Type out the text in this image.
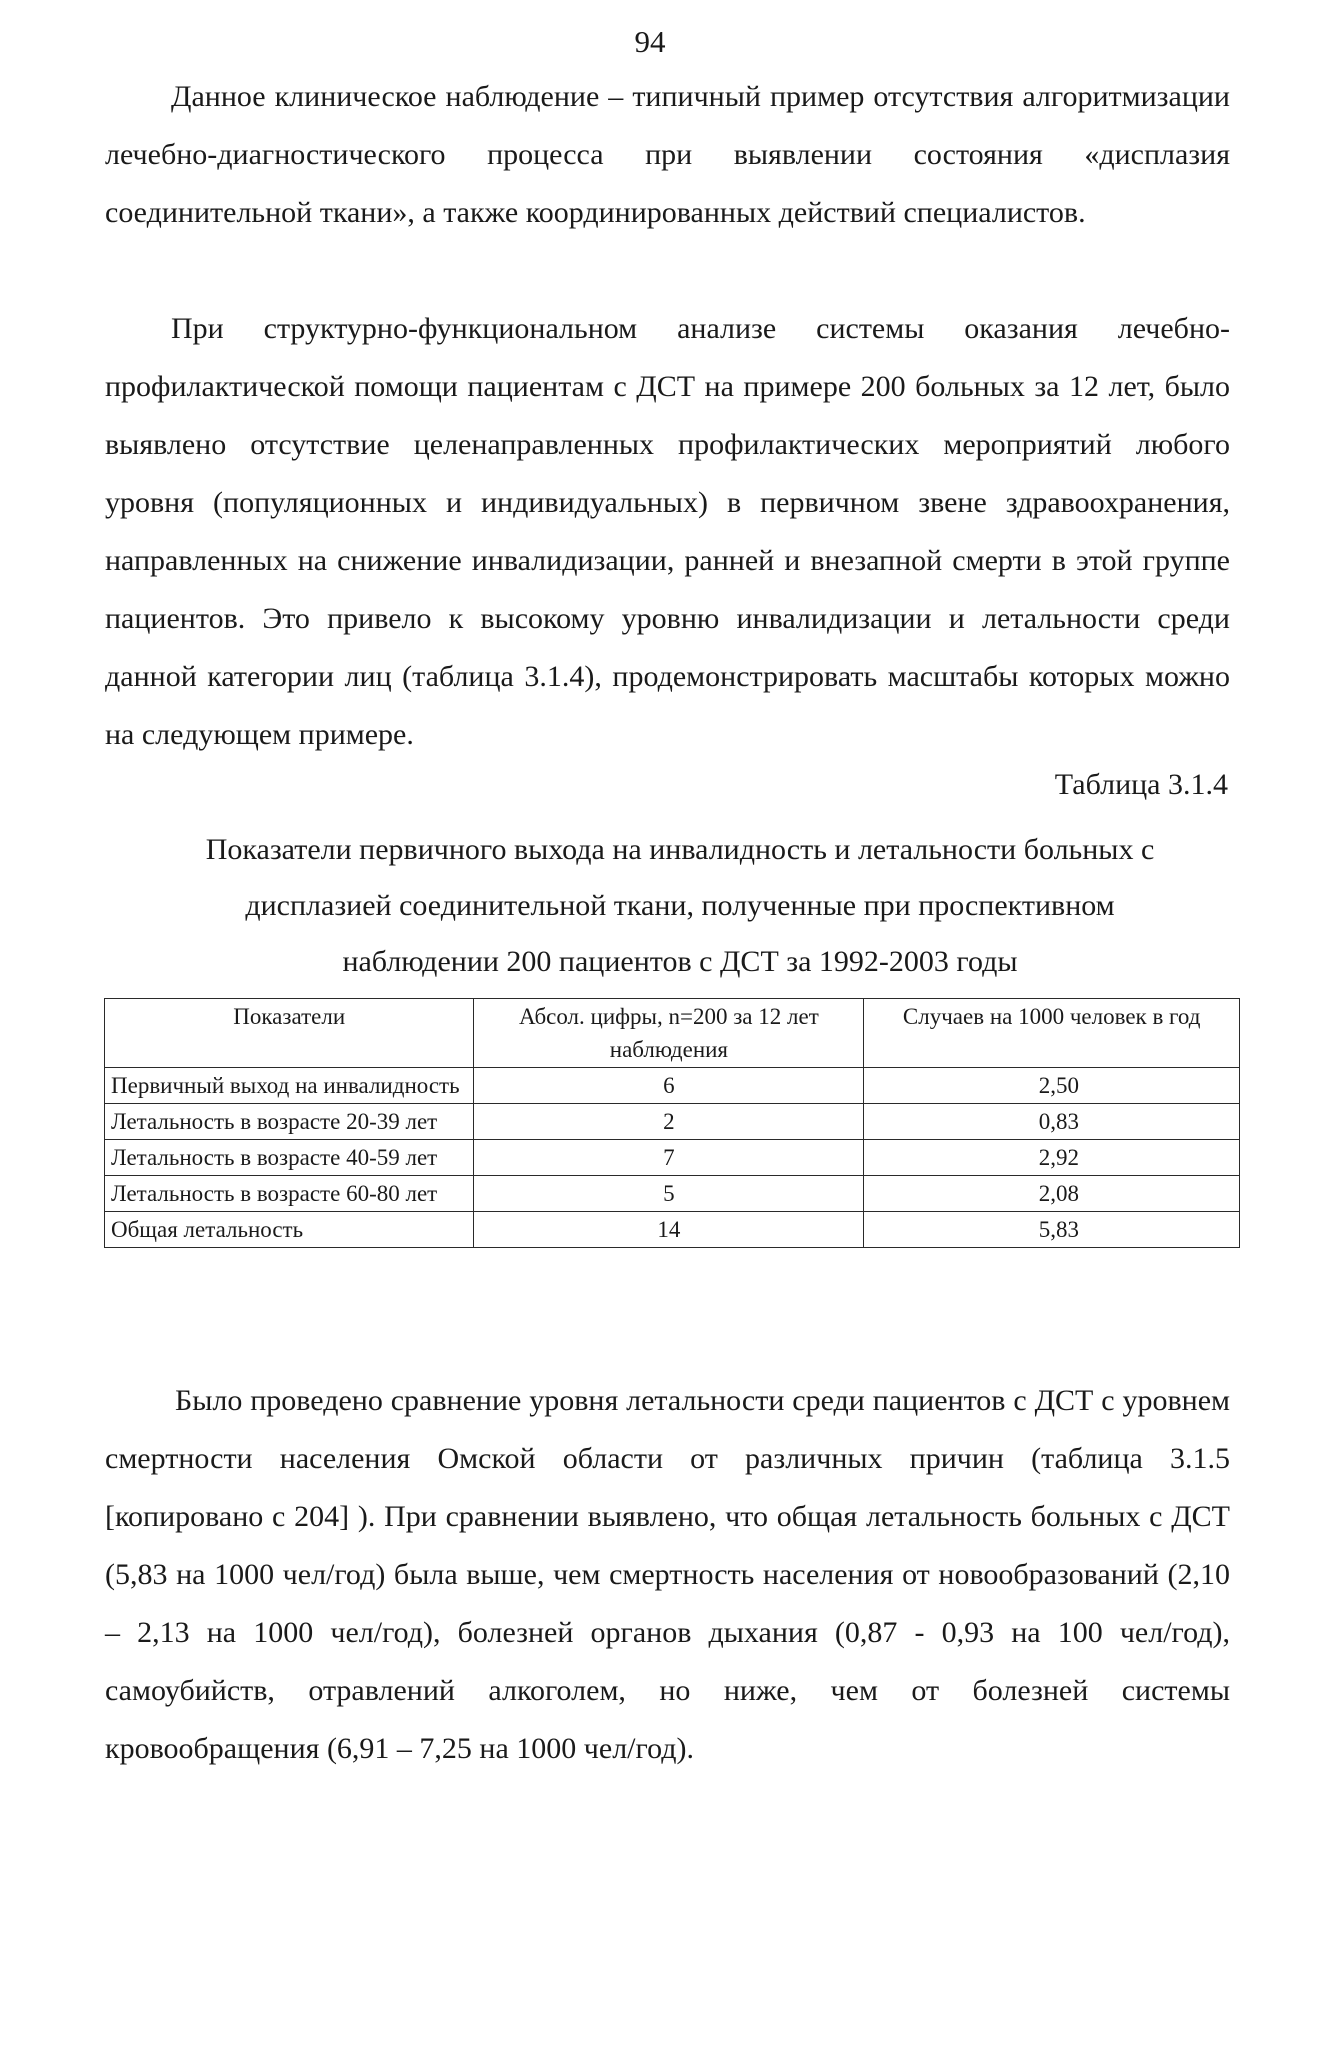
94

Данное клиническое наблюдение – типичный пример отсутствия алгоритмизации лечебно-диагностического процесса при выявлении состояния «дисплазия соединительной ткани», а также координированных действий специалистов.

При структурно-функциональном анализе системы оказания лечебно-профилактической помощи пациентам с ДСТ на примере 200 больных за 12 лет, было выявлено отсутствие целенаправленных профилактических мероприятий любого уровня (популяционных и индивидуальных) в первичном звене здравоохранения, направленных на снижение инвалидизации, ранней и внезапной смерти в этой группе пациентов. Это привело к высокому уровню инвалидизации и летальности среди данной категории лиц (таблица 3.1.4), продемонстрировать масштабы которых можно на следующем примере.

Таблица 3.1.4
Показатели первичного выхода на инвалидность и летальности больных с
дисплазией соединительной ткани, полученные при проспективном
наблюдении 200 пациентов с ДСТ за 1992-2003 годы
Показатели	Абсол. цифры, n=200 за 12 лет наблюдения	Случаев на 1000 человек в год
Первичный выход на инвалидность	6	2,50
Летальность в возрасте 20-39 лет	2	0,83
Летальность в возрасте 40-59 лет	7	2,92
Летальность в возрасте 60-80 лет	5	2,08
Общая летальность	14	5,83

Было проведено сравнение уровня летальности среди пациентов с ДСТ с уровнем смертности населения Омской области от различных причин (таблица 3.1.5 [копировано с 204] ). При сравнении выявлено, что общая летальность больных с ДСТ (5,83 на 1000 чел/год) была выше, чем смертность населения от новообразований (2,10 – 2,13 на 1000 чел/год), болезней органов дыхания (0,87 - 0,93 на 100 чел/год), самоубийств, отравлений алкоголем, но ниже, чем от болезней системы кровообращения (6,91 – 7,25 на 1000 чел/год).
